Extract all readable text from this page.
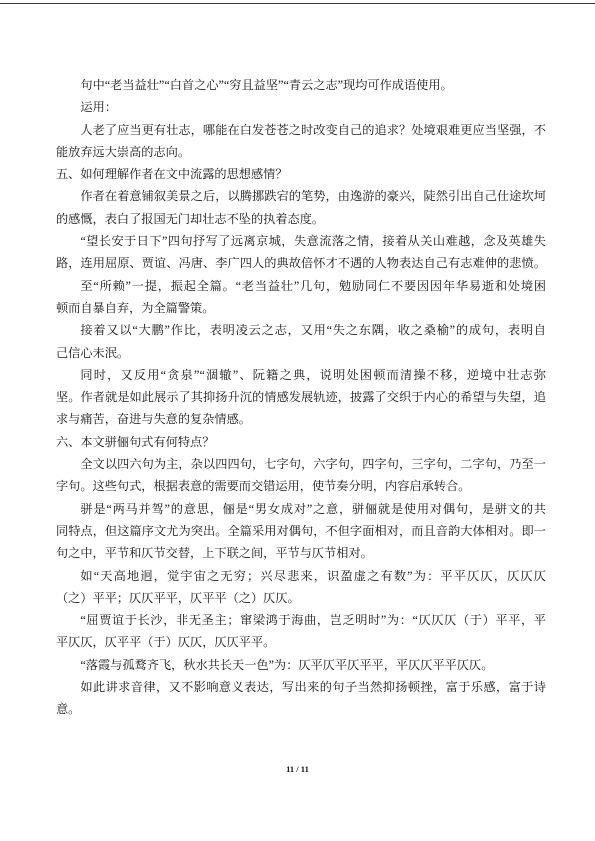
句中“老当益壮”“白首之心”“穷且益坚”“青云之志”现均可作成语使用。
运用：
人老了应当更有壮志，哪能在白发苍苍之时改变自己的追求？处境艰难更应当坚强，不
能放弃远大崇高的志向。
五、如何理解作者在文中流露的思想感情？
作者在着意铺叙美景之后，以腾挪跌宕的笔势，由逸游的豪兴，陡然引出自己仕途坎坷
的感慨，表白了报国无门却壮志不坠的执着态度。
“望长安于日下”四句抒写了远离京城，失意流落之情，接着从关山难越，念及英雄失
路，连用屈原、贾谊、冯唐、李广四人的典故倍怀才不遇的人物表达自己有志难伸的悲愤。
至“所赖”一提，振起全篇。“老当益壮”几句，勉励同仁不要因因年华易逝和处境困
顿而自暴自弃，为全篇警策。
接着又以“大鹏”作比，表明凌云之志，又用“失之东隅，收之桑榆”的成句，表明自
己信心未泯。
同时，又反用“贪泉”“涸辙”、阮籍之典，说明处困顿而清操不移，逆境中壮志弥
坚。作者就是如此展示了其抑扬升沉的情感发展轨迹，披露了交织于内心的希望与失望，追
求与痛苦，奋进与失意的复杂情感。
六、本文骈俪句式有何特点？
全文以四六句为主，杂以四四句，七字句，六字句，四字句，三字句，二字句，乃至一
字句。这些句式，根据表意的需要而交错运用，使节奏分明，内容启承转合。
骈是“两马并驾”的意思，俪是“男女成对”之意，骈俪就是使用对偶句，是骈文的共
同特点，但这篇序文尤为突出。全篇采用对偶句，不但字面相对，而且音韵大体相对。即一
句之中，平节和仄节交替，上下联之间，平节与仄节相对。
如“天高地迥，觉宇宙之无穷；兴尽悲来，识盈虚之有数”为：平平仄仄，仄仄仄
（之）平平；仄仄平平，仄平平（之）仄仄。
“屈贾谊于长沙，非无圣主；窜梁鸿于海曲，岂乏明时”为：“仄仄仄（于）平平，平
平仄仄，仄平平（于）仄仄，仄仄平平。
“落霞与孤鹜齐飞，秋水共长天一色”为：仄平仄平仄平平，平仄仄平平仄仄。
如此讲求音律，又不影响意义表达，写出来的句子当然抑扬顿挫，富于乐感，富于诗
意。
11 / 11
